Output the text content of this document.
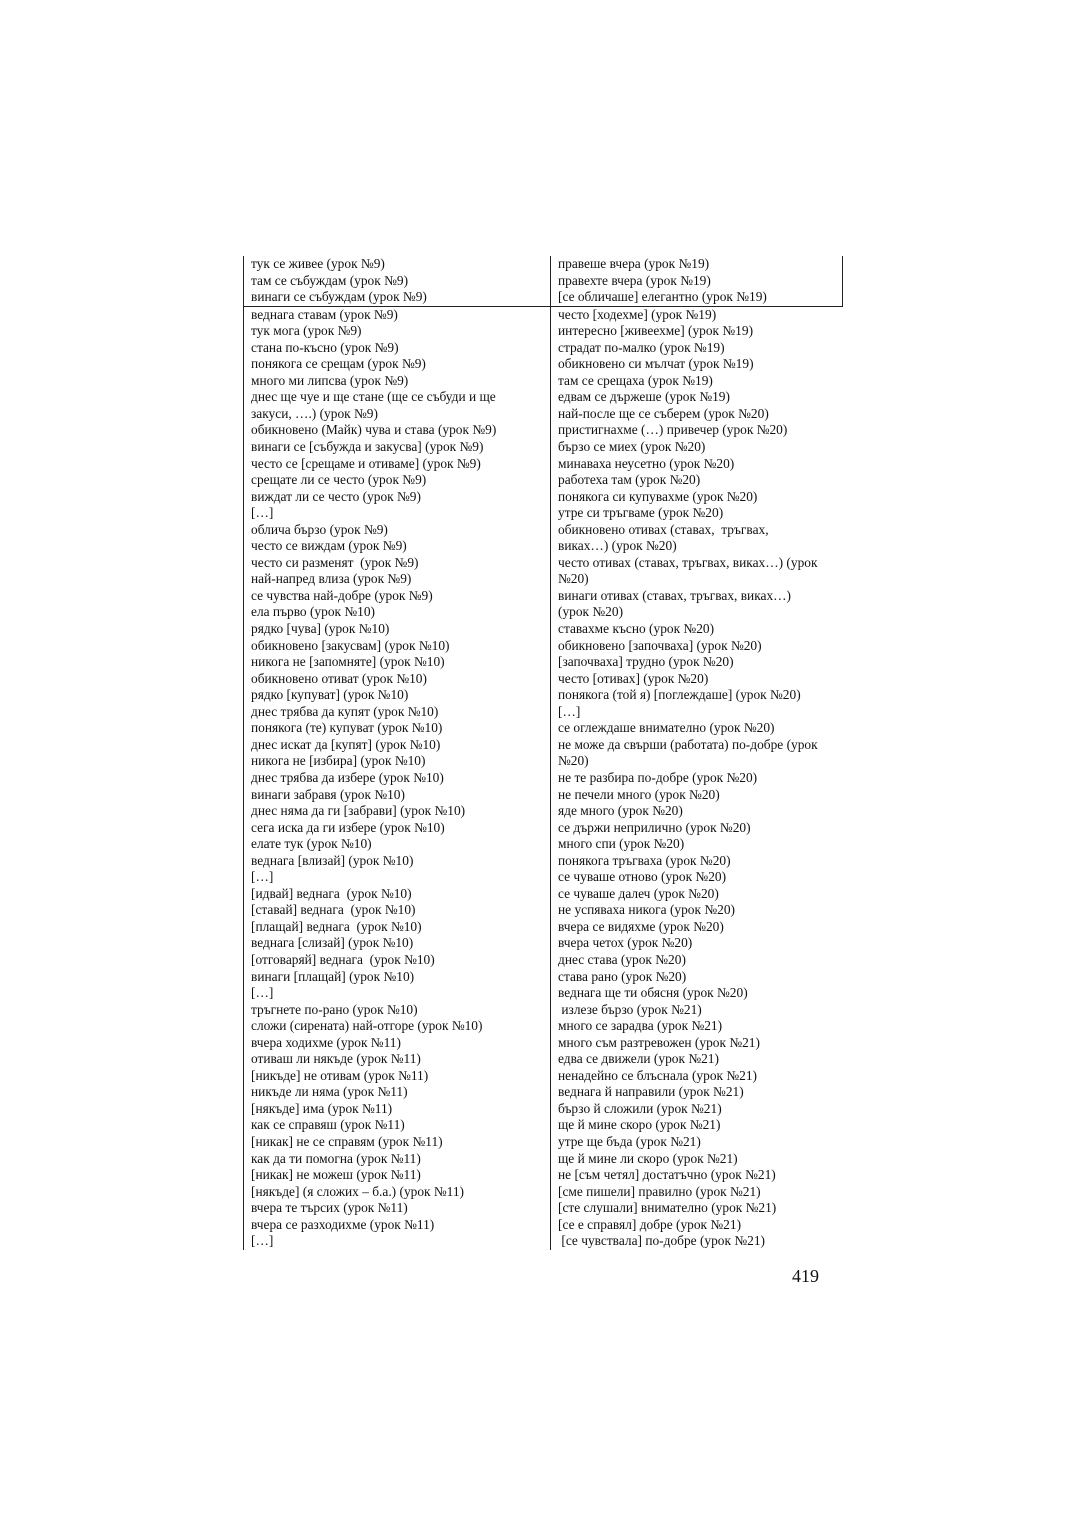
тук се живее (урок №9)
там се събуждам (урок №9)
винаги се събуждам (урок №9)
правеше вчера (урок №19)
правехте вчера (урок №19)
[се обличаше] елегантно (урок №19)
веднага ставам (урок №9)
тук мога (урок №9)
стана по-късно (урок №9)
понякога се срещам (урок №9)
много ми липсва (урок №9)
днес ще чуе и ще стане (ще се събуди и ще
закуси, ….) (урок №9)
обикновено (Майк) чува и става (урок №9)
винаги се [събужда и закусва] (урок №9)
често се [срещаме и отиваме] (урок №9)
срещате ли се често (урок №9)
виждат ли се често (урок №9)
[…]
облича бързо (урок №9)
често се виждам (урок №9)
често си разменят  (урок №9)
най-напред влиза (урок №9)
се чувства най-добре (урок №9)
ела първо (урок №10)
рядко [чува] (урок №10)
обикновено [закусвам] (урок №10)
никога не [запомняте] (урок №10)
обикновено отиват (урок №10)
рядко [купуват] (урок №10)
днес трябва да купят (урок №10)
понякога (те) купуват (урок №10)
днес искат да [купят] (урок №10)
никога не [избира] (урок №10)
днес трябва да избере (урок №10)
винаги забравя (урок №10)
днес няма да ги [забрави] (урок №10)
сега иска да ги избере (урок №10)
елате тук (урок №10)
веднага [влизай] (урок №10)
[…]
[идвай] веднага  (урок №10)
[ставай] веднага  (урок №10)
[плащай] веднага  (урок №10)
веднага [слизай] (урок №10)
[отговаряй] веднага  (урок №10)
винаги [плащай] (урок №10)
[…]
тръгнете по-рано (урок №10)
сложи (сирената) най-отгоре (урок №10)
вчера ходихме (урок №11)
отиваш ли някъде (урок №11)
[никъде] не отивам (урок №11)
никъде ли няма (урок №11)
[някъде] има (урок №11)
как се справяш (урок №11)
[никак] не се справям (урок №11)
как да ти помогна (урок №11)
[никак] не можеш (урок №11)
[някъде] (я сложих – б.а.) (урок №11)
вчера те търсих (урок №11)
вчера се разходихме (урок №11)
[…]
често [ходехме] (урок №19)
интересно [живеехме] (урок №19)
страдат по-малко (урок №19)
обикновено си мълчат (урок №19)
там се срещаха (урок №19)
едвам се държеше (урок №19)
най-после ще се съберем (урок №20)
пристигнахме (…) привечер (урок №20)
бързо се миех (урок №20)
минаваха неусетно (урок №20)
работеха там (урок №20)
понякога си купувахме (урок №20)
утре си тръгваме (урок №20)
обикновено отивах (ставах,  тръгвах,
виках…) (урок №20)
често отивах (ставах, тръгвах, виках…) (урок
№20)
винаги отивах (ставах, тръгвах, виках…)
(урок №20)
ставахме късно (урок №20)
обикновено [започваха] (урок №20)
[започваха] трудно (урок №20)
често [отивах] (урок №20)
понякога (той я) [поглеждаше] (урок №20)
[…]
се оглеждаше внимателно (урок №20)
не може да свърши (работата) по-добре (урок
№20)
не те разбира по-добре (урок №20)
не печели много (урок №20)
яде много (урок №20)
се държи неприлично (урок №20)
много спи (урок №20)
понякога тръгваха (урок №20)
се чувашe отново (урок №20)
се чуваше далеч (урок №20)
не успяваха никога (урок №20)
вчера се видяхме (урок №20)
вчера четох (урок №20)
днес става (урок №20)
става рано (урок №20)
веднага ще ти обясня (урок №20)
излезе бързо (урок №21)
много се зарадва (урок №21)
много съм разтревожен (урок №21)
едва се движели (урок №21)
ненадейно се блъснала (урок №21)
веднага й направили (урок №21)
бързо й сложили (урок №21)
ще й мине скоро (урок №21)
утре ще бъда (урок №21)
ще й мине ли скоро (урок №21)
не [съм четял] достатъчно (урок №21)
[сме пишели] правилно (урок №21)
[сте слушали] внимателно (урок №21)
[се е справял] добре (урок №21)
[се чувствала] по-добре (урок №21)
419
